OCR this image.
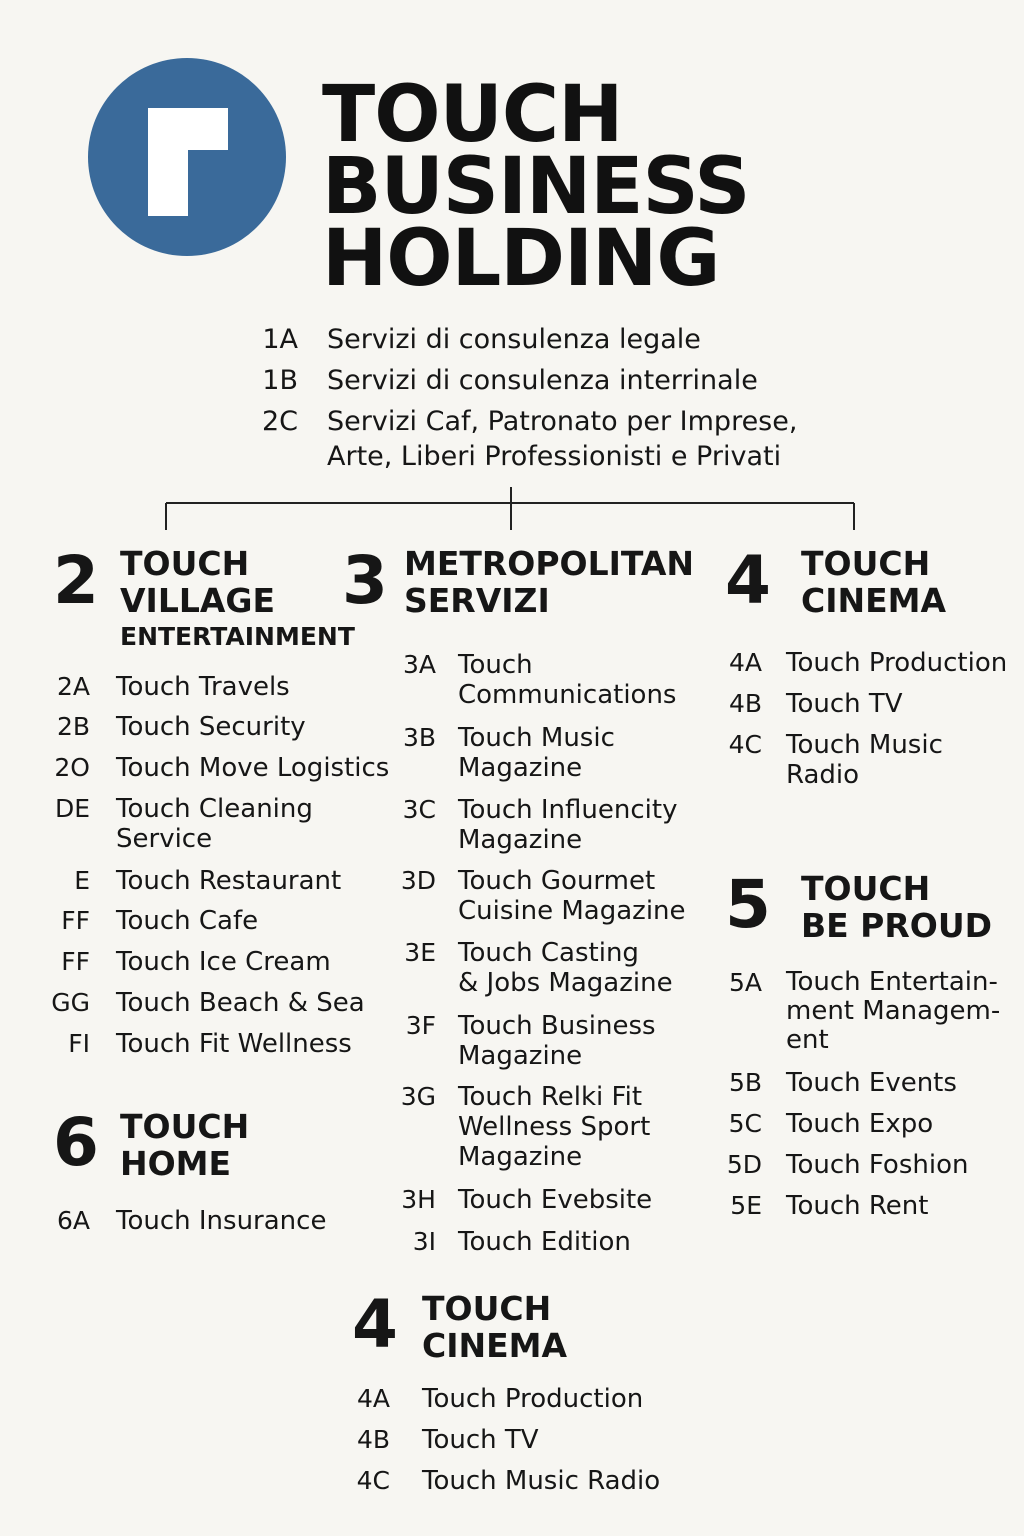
TOUCH
BUSINESS
HOLDING
1A Servizi di consulenza legale
1B Servizi di consulenza interrinale
2C Servizi Caf, Patronato per Imprese,
Arte, Liberi Professionisti e Privati
2 TOUCH
VILLAGE
ENTERTAINMENT
2A Touch Travels
2B Touch Security
2O Touch Move Logistics
DE Touch Cleaning
Service
E Touch Restaurant
FF Touch Cafe
FF Touch Ice Cream
GG Touch Beach & Sea
FI Touch Fit Wellness
6 TOUCH
HOME
6A Touch Insurance
3 METROPOLITAN
SERVIZI
3A Touch
Communications
3B Touch Music
Magazine
3C Touch Influencity
Magazine
3D Touch Gourmet
Cuisine Magazine
3E Touch Casting
& Jobs Magazine
3F Touch Business
Magazine
3G Touch Relki Fit
Wellness Sport
Magazine
3H Touch Evebsite
3I Touch Edition
4 TOUCH
CINEMA
4A Touch Production
4B Touch TV
4C Touch Music
Radio
5 TOUCH
BE PROUD
5A Touch Entertain-
ment Managem-
ent
5B Touch Events
5C Touch Expo
5D Touch Foshion
5E Touch Rent
4 TOUCH
CINEMA
4A Touch Production
4B Touch TV
4C Touch Music Radio
